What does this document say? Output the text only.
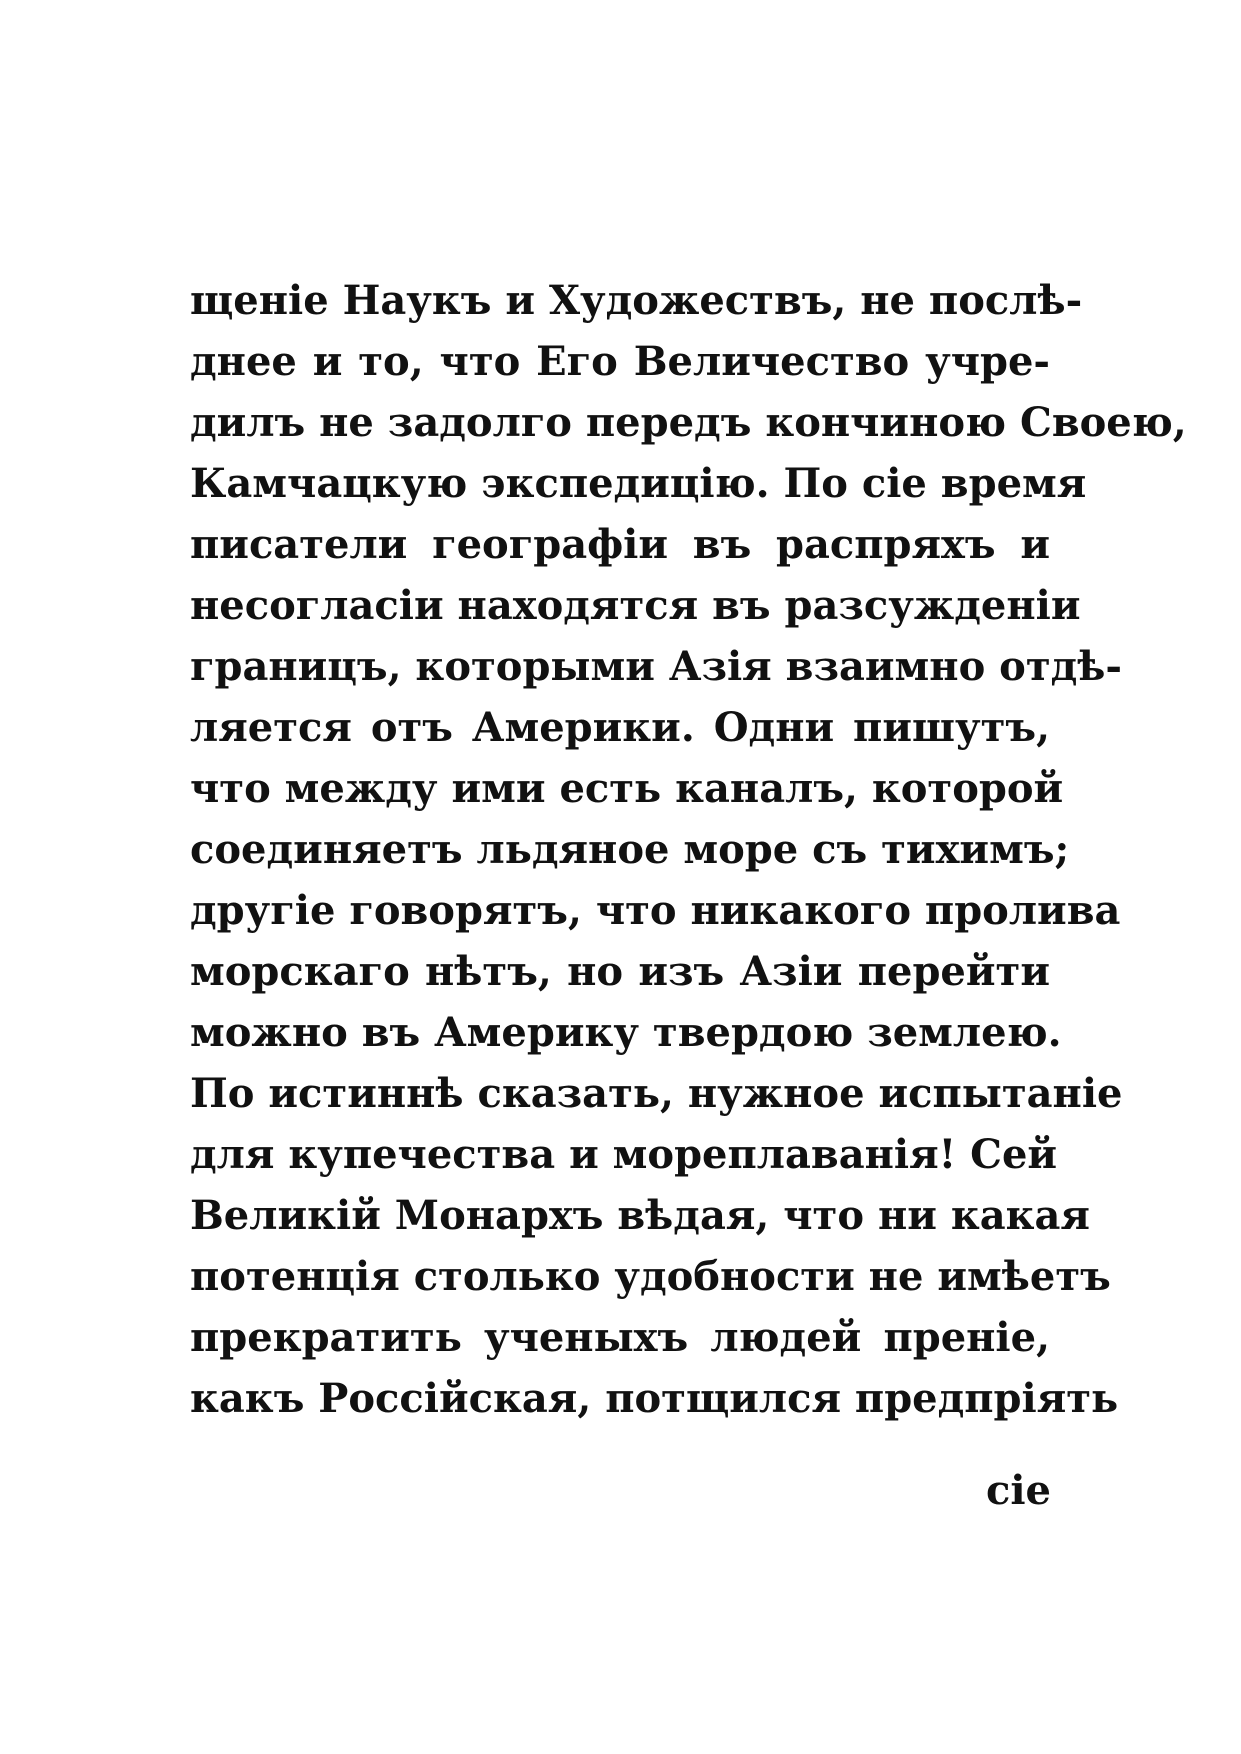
щеніе Наукъ и Художествъ, не послѣ-
днее и то, что Его Величество учре-
дилъ не задолго передъ кончиною Своею,
Камчацкую экспедицію. По сіе время
писатели географіи въ распряхъ и
несогласіи находятся въ разсужденіи
границъ, которыми Азія взаимно отдѣ-
ляется отъ Америки. Одни пишутъ,
что между ими есть каналъ, которой
соединяетъ льдяное море съ тихимъ;
другіе говорятъ, что никакого пролива
морскаго нѣтъ, но изъ Азіи перейти
можно въ Америку твердою землею.
По истиннѣ сказать, нужное испытаніе
для купечества и мореплаванія! Сей
Великій Монархъ вѣдая, что ни какая
потенція столько удобности не имѣетъ
прекратить ученыхъ людей преніе,
какъ Россійская, потщился предпріять
сіе
